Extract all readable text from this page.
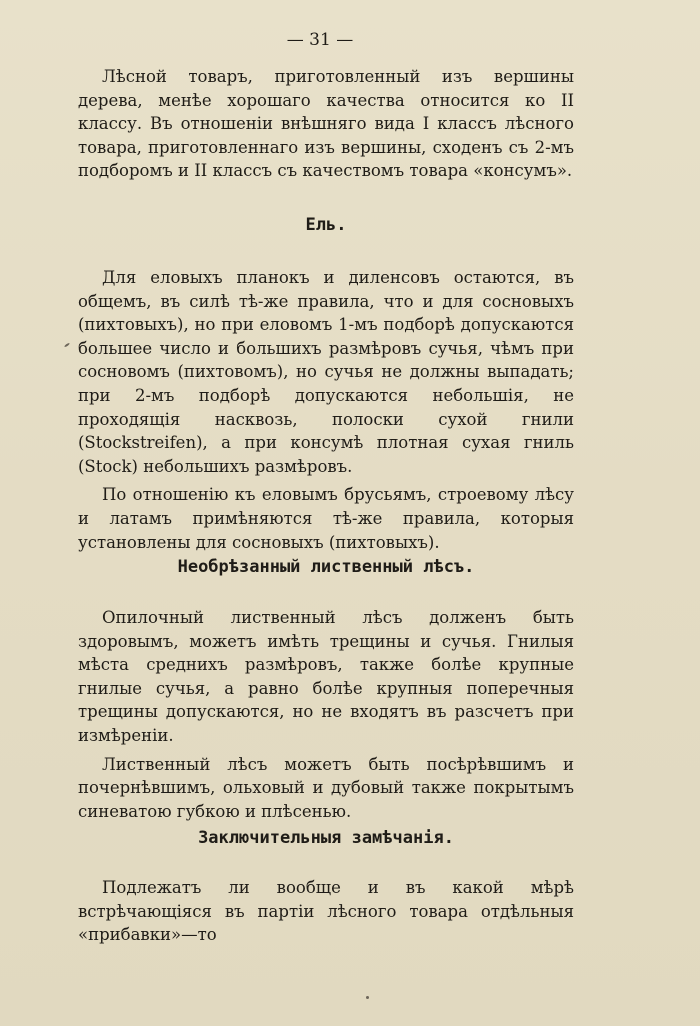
— 31 —

Лѣсной товаръ, приготовленный изъ вершины дерева, менѣе хорошаго качества относится ко II классу. Въ отношеніи внѣшняго вида I классъ лѣсного товара, приготовленнаго изъ вершины, сходенъ съ 2-мъ подборомъ и II классъ съ качествомъ товара «консумъ».

Ель.

Для еловыхъ планокъ и диленсовъ остаются, въ общемъ, въ силѣ тѣ-же правила, что и для сосновыхъ (пихтовыхъ), но при еловомъ 1-мъ подборѣ допускаются большее число и большихъ размѣровъ сучья, чѣмъ при сосновомъ (пихтовомъ), но сучья не должны выпадать; при 2-мъ подборѣ допускаются небольшія, не проходящія насквозь, полоски сухой гнили (Stockstreifen), а при консумѣ плотная сухая гниль (Stock) небольшихъ размѣровъ.

По отношенію къ еловымъ брусьямъ, строевому лѣсу и латамъ примѣняются тѣ-же правила, которыя установлены для сосновыхъ (пихтовыхъ).

Необрѣзанный лиственный лѣсъ.

Опилочный лиственный лѣсъ долженъ быть здоровымъ, можетъ имѣть трещины и сучья. Гнилыя мѣста среднихъ размѣровъ, также болѣе крупные гнилые сучья, а равно болѣе крупныя поперечныя трещины допускаются, но не входятъ въ разсчетъ при измѣреніи.

Лиственный лѣсъ можетъ быть посѣрѣвшимъ и почернѣвшимъ, ольховый и дубовый также покрытымъ синеватою губкою и плѣсенью.

Заключительныя замѣчанія.

Подлежатъ ли вообще и въ какой мѣрѣ встрѣчающіяся въ партіи лѣсного товара отдѣльныя «прибавки»—то
